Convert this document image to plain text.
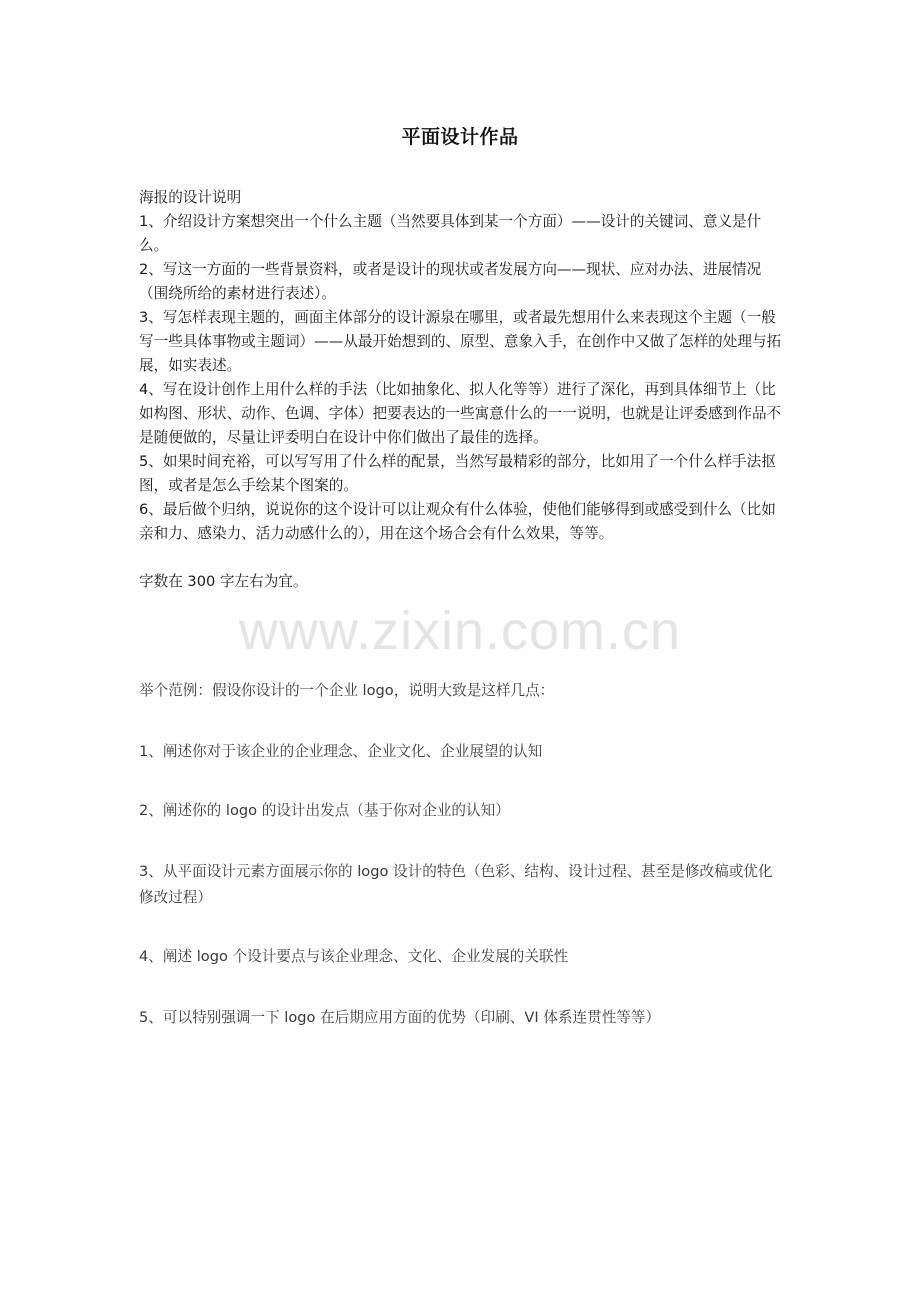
平面设计作品

海报的设计说明

1、介绍设计方案想突出一个什么主题（当然要具体到某一个方面）——设计的关键词、意义是什么。

2、写这一方面的一些背景资料，或者是设计的现状或者发展方向——现状、应对办法、进展情况（围绕所给的素材进行表述）。

3、写怎样表现主题的，画面主体部分的设计源泉在哪里，或者最先想用什么来表现这个主题（一般写一些具体事物或主题词）——从最开始想到的、原型、意象入手，在创作中又做了怎样的处理与拓展，如实表述。

4、写在设计创作上用什么样的手法（比如抽象化、拟人化等等）进行了深化，再到具体细节上（比如构图、形状、动作、色调、字体）把要表达的一些寓意什么的一一说明，也就是让评委感到作品不是随便做的，尽量让评委明白在设计中你们做出了最佳的选择。

5、如果时间充裕，可以写写用了什么样的配景，当然写最精彩的部分，比如用了一个什么样手法抠图，或者是怎么手绘某个图案的。

6、最后做个归纳，说说你的这个设计可以让观众有什么体验，使他们能够得到或感受到什么（比如亲和力、感染力、活力动感什么的），用在这个场合会有什么效果，等等。

字数在 300 字左右为宜。

www.zixin.com.cn

举个范例：假设你设计的一个企业 logo，说明大致是这样几点：

1、阐述你对于该企业的企业理念、企业文化、企业展望的认知

2、阐述你的 logo 的设计出发点（基于你对企业的认知）

3、从平面设计元素方面展示你的 logo 设计的特色（色彩、结构、设计过程、甚至是修改稿或优化修改过程）

4、阐述 logo 个设计要点与该企业理念、文化、企业发展的关联性

5、可以特别强调一下 logo 在后期应用方面的优势（印刷、VI 体系连贯性等等）
